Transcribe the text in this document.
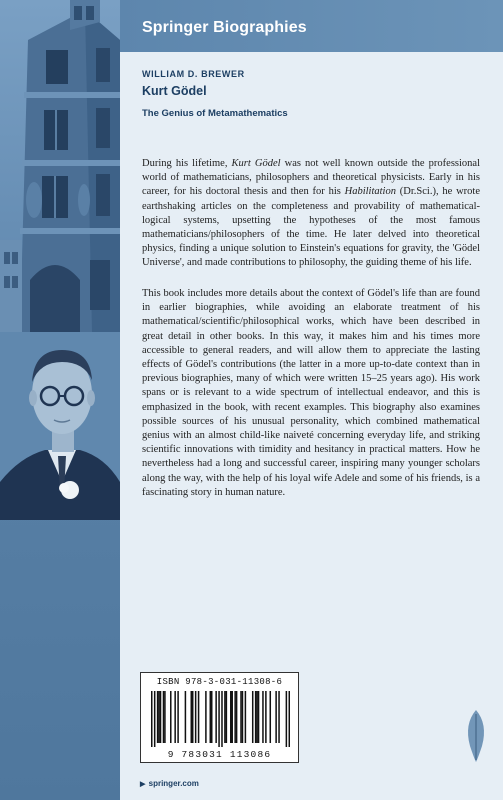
Springer Biographies
WILLIAM D. BREWER
Kurt Gödel
The Genius of Metamathematics

During his lifetime, Kurt Gödel was not well known outside the professional world of mathematicians, philosophers and theoretical physicists. Early in his career, for his doctoral thesis and then for his Habilitation (Dr.Sci.), he wrote earthshaking articles on the completeness and provability of mathematical-logical systems, upsetting the hypotheses of the most famous mathematicians/philosophers of the time. He later delved into theoretical physics, finding a unique solution to Einstein's equations for gravity, the 'Gödel Universe', and made contributions to philosophy, the guiding theme of his life.

This book includes more details about the context of Gödel's life than are found in earlier biographies, while avoiding an elaborate treatment of his mathematical/scientific/philosophical works, which have been described in great detail in other books. In this way, it makes him and his times more accessible to general readers, and will allow them to appreciate the lasting effects of Gödel's contributions (the latter in a more up-to-date context than in previous biographies, many of which were written 15–25 years ago). His work spans or is relevant to a wide spectrum of intellectual endeavor, and this is emphasized in the book, with recent examples. This biography also examines possible sources of his unusual personality, which combined mathematical genius with an almost child-like naiveté concerning everyday life, and striking scientific innovations with timidity and hesitancy in practical matters. How he nevertheless had a long and successful career, inspiring many younger scholars along the way, with the help of his loyal wife Adele and some of his friends, is a fascinating story in human nature.

ISBN 978-3-031-11308-6
9 783031 113086
▶ springer.com
